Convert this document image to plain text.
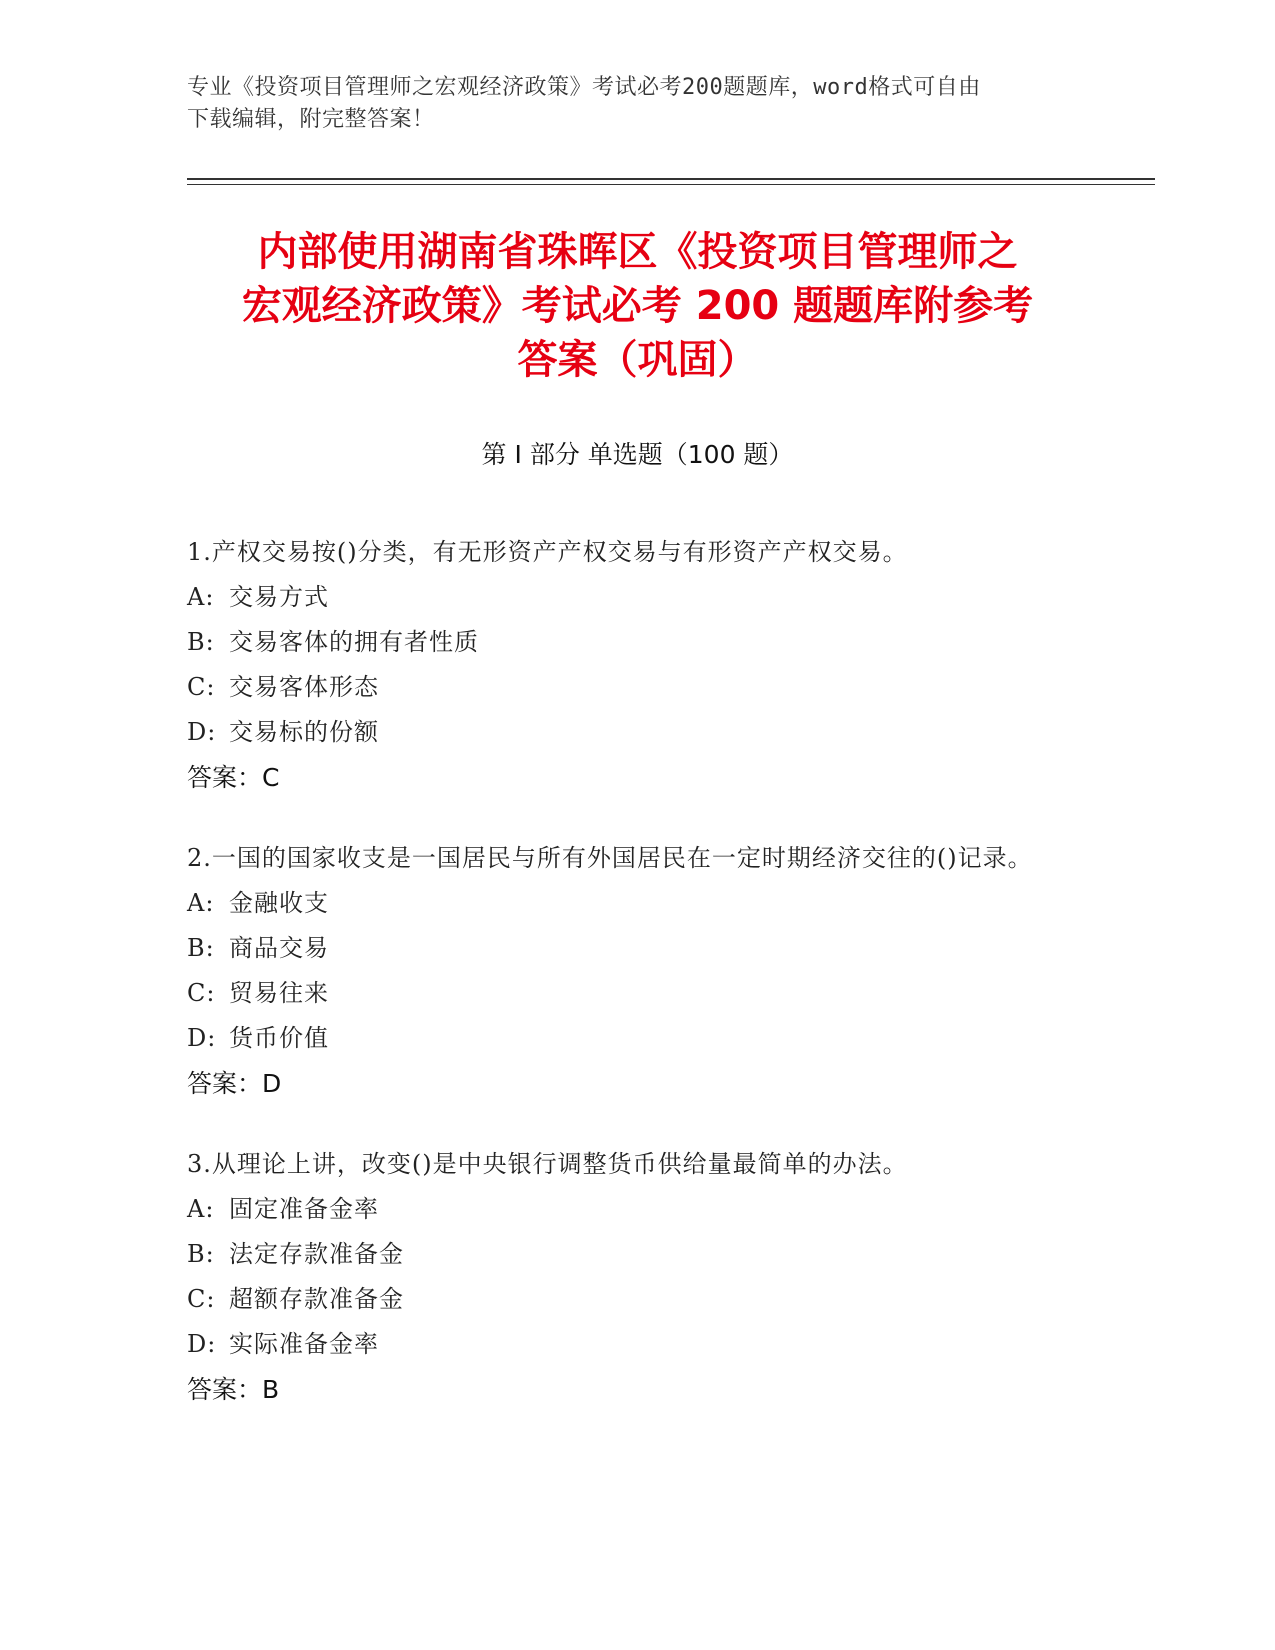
专业《投资项目管理师之宏观经济政策》考试必考200题题库，word格式可自由
下载编辑，附完整答案！
内部使用湖南省珠晖区《投资项目管理师之
宏观经济政策》考试必考 200 题题库附参考
答案（巩固）
第 I 部分 单选题（100 题）
1.产权交易按()分类，有无形资产产权交易与有形资产产权交易。
A: 交易方式
B: 交易客体的拥有者性质
C: 交易客体形态
D: 交易标的份额
答案：C
2.一国的国家收支是一国居民与所有外国居民在一定时期经济交往的()记录。
A: 金融收支
B: 商品交易
C: 贸易往来
D: 货币价值
答案：D
3.从理论上讲，改变()是中央银行调整货币供给量最简单的办法。
A: 固定准备金率
B: 法定存款准备金
C: 超额存款准备金
D: 实际准备金率
答案：B
